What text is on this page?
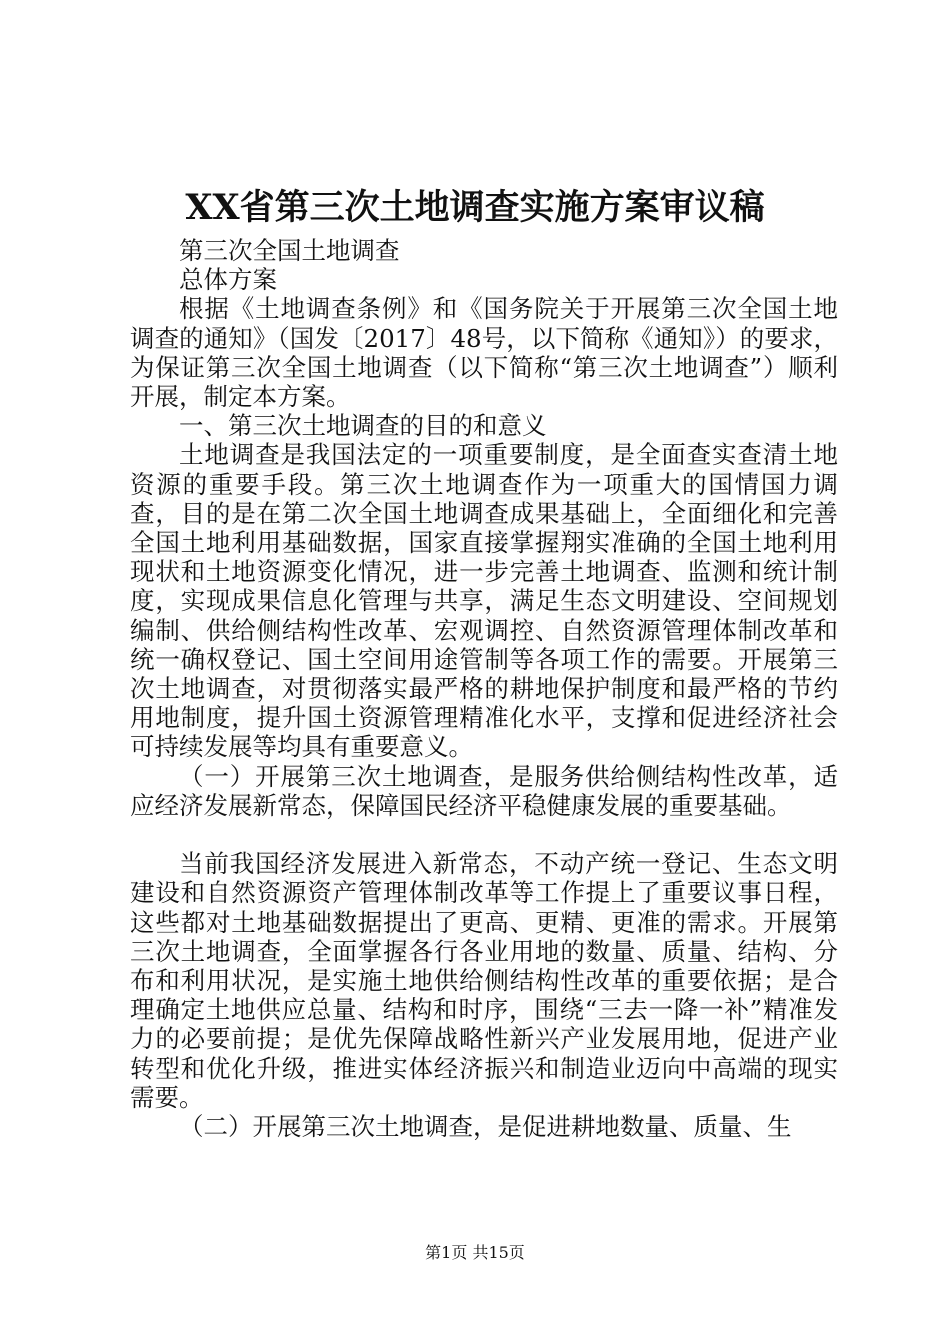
XX省第三次土地调查实施方案审议稿

第三次全国土地调查

总体方案

根据《土地调查条例》和《国务院关于开展第三次全国土地调查的通知》（国发〔2017〕48号，以下简称《通知》）的要求，为保证第三次全国土地调查（以下简称“第三次土地调查”）顺利开展，制定本方案。

一、第三次土地调查的目的和意义

土地调查是我国法定的一项重要制度，是全面查实查清土地资源的重要手段。第三次土地调查作为一项重大的国情国力调查，目的是在第二次全国土地调查成果基础上，全面细化和完善全国土地利用基础数据，国家直接掌握翔实准确的全国土地利用现状和土地资源变化情况，进一步完善土地调查、监测和统计制度，实现成果信息化管理与共享，满足生态文明建设、空间规划编制、供给侧结构性改革、宏观调控、自然资源管理体制改革和统一确权登记、国土空间用途管制等各项工作的需要。开展第三次土地调查，对贯彻落实最严格的耕地保护制度和最严格的节约用地制度，提升国土资源管理精准化水平，支撑和促进经济社会可持续发展等均具有重要意义。

（一）开展第三次土地调查，是服务供给侧结构性改革，适应经济发展新常态，保障国民经济平稳健康发展的重要基础。

当前我国经济发展进入新常态，不动产统一登记、生态文明建设和自然资源资产管理体制改革等工作提上了重要议事日程，这些都对土地基础数据提出了更高、更精、更准的需求。开展第三次土地调查，全面掌握各行各业用地的数量、质量、结构、分布和利用状况，是实施土地供给侧结构性改革的重要依据；是合理确定土地供应总量、结构和时序，围绕“三去一降一补”精准发力的必要前提；是优先保障战略性新兴产业发展用地，促进产业转型和优化升级，推进实体经济振兴和制造业迈向中高端的现实需要。

（二）开展第三次土地调查，是促进耕地数量、质量、生

第1页 共15页
